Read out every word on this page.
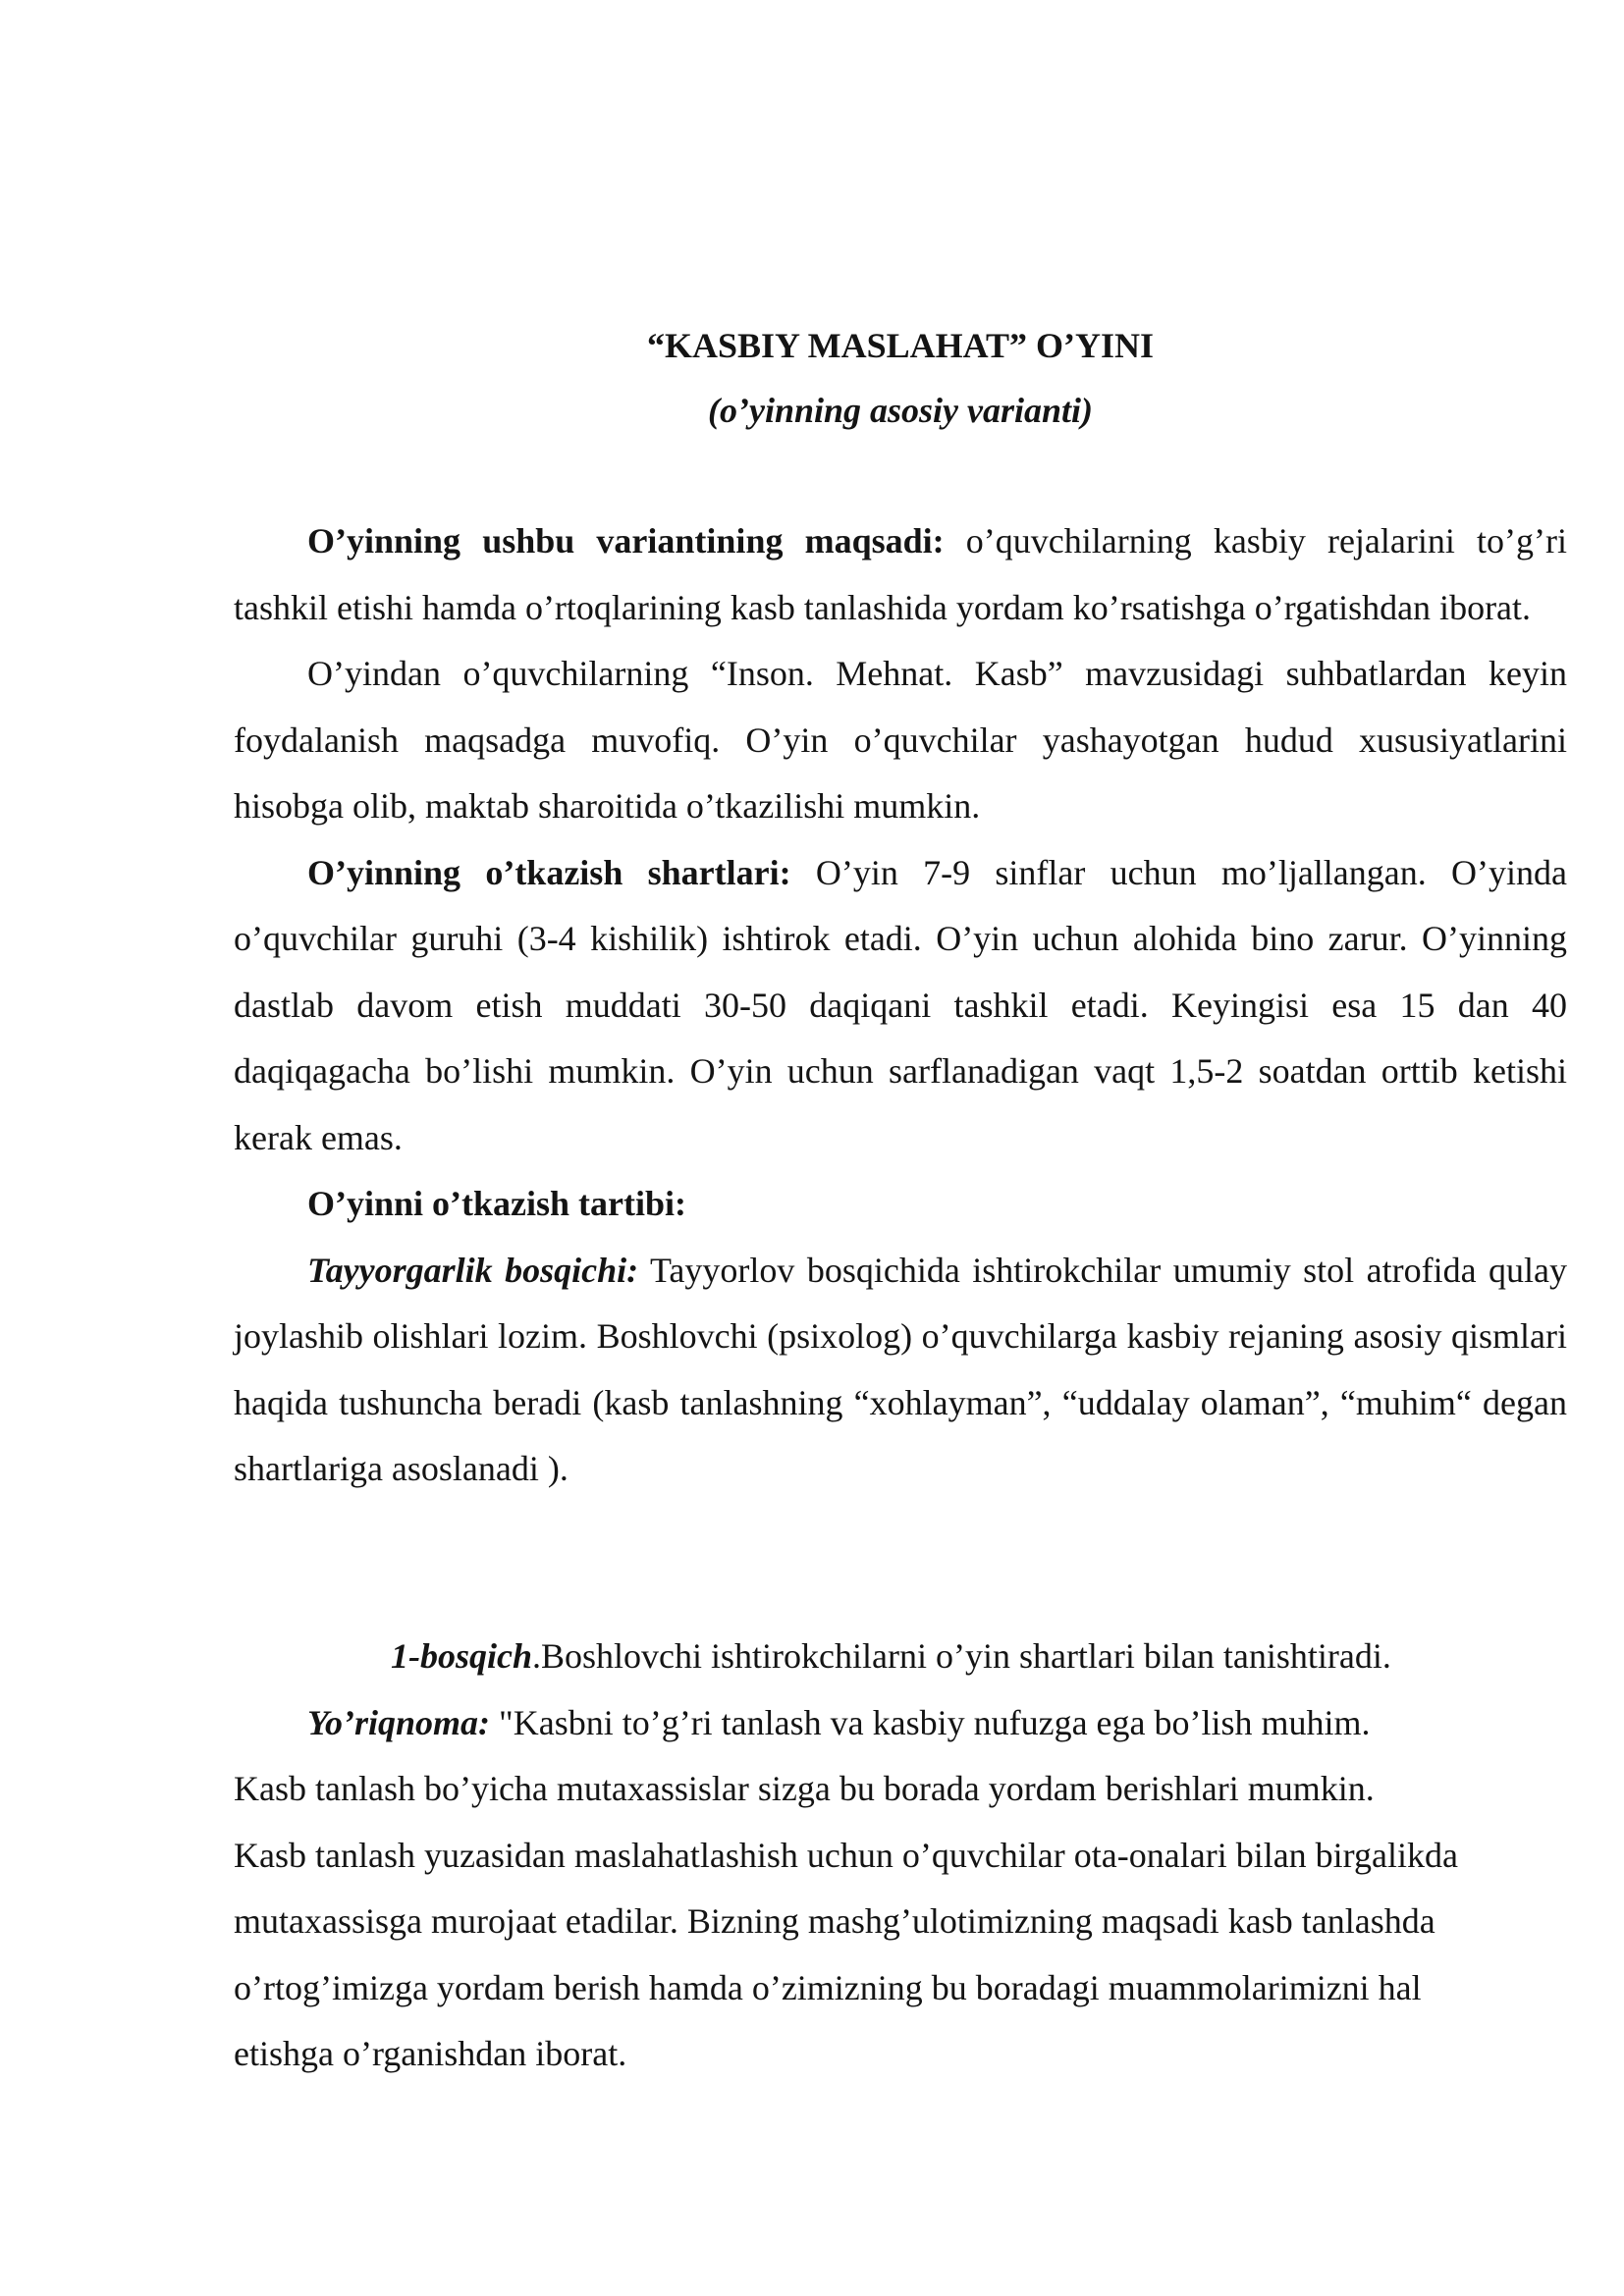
“KASBIY MASLAHAT” O’YINI
(o’yinning asosiy varianti)

O’yinning ushbu variantining maqsadi: o’quvchilarning kasbiy rejalarini to’g’ri tashkil etishi hamda o’rtoqlarining kasb tanlashida yordam ko’rsatishga o’rgatishdan iborat.

O’yindan o’quvchilarning “Inson. Mehnat. Kasb” mavzusidagi suhbatlardan keyin foydalanish maqsadga muvofiq. O’yin o’quvchilar yashayotgan hudud xususiyatlarini hisobga olib, maktab sharoitida o’tkazilishi mumkin.

O’yinning o’tkazish shartlari: O’yin 7-9 sinflar uchun mo’ljallangan. O’yinda o’quvchilar guruhi (3-4 kishilik) ishtirok etadi. O’yin uchun alohida bino zarur. O’yinning dastlab davom etish muddati 30-50 daqiqani tashkil etadi. Keyingisi esa 15 dan 40 daqiqagacha bo’lishi mumkin. O’yin uchun sarflanadigan vaqt 1,5-2 soatdan orttib ketishi kerak emas.

O’yinni o’tkazish tartibi:

Tayyorgarlik bosqichi: Tayyorlov bosqichida ishtirokchilar umumiy stol atrofida qulay joylashib olishlari lozim. Boshlovchi (psixolog) o’quvchilarga kasbiy rejaning asosiy qismlari haqida tushuncha beradi (kasb tanlashning “xohlayman”, “uddalay olaman”, “muhim“ degan shartlariga asoslanadi ).

1-bosqich.Boshlovchi ishtirokchilarni o’yin shartlari bilan tanishtiradi.
Yo’riqnoma: "Kasbni to’g’ri tanlash va kasbiy nufuzga ega bo’lish muhim.
Kasb tanlash bo’yicha mutaxassislar sizga bu borada yordam berishlari mumkin.
Kasb tanlash yuzasidan maslahatlashish uchun o’quvchilar ota-onalari bilan birgalikda
mutaxassisga murojaat etadilar. Bizning mashg’ulotimizning maqsadi kasb tanlashda
o’rtog’imizga yordam berish hamda o’zimizning bu boradagi muammolarimizni hal
etishga o’rganishdan iborat.
